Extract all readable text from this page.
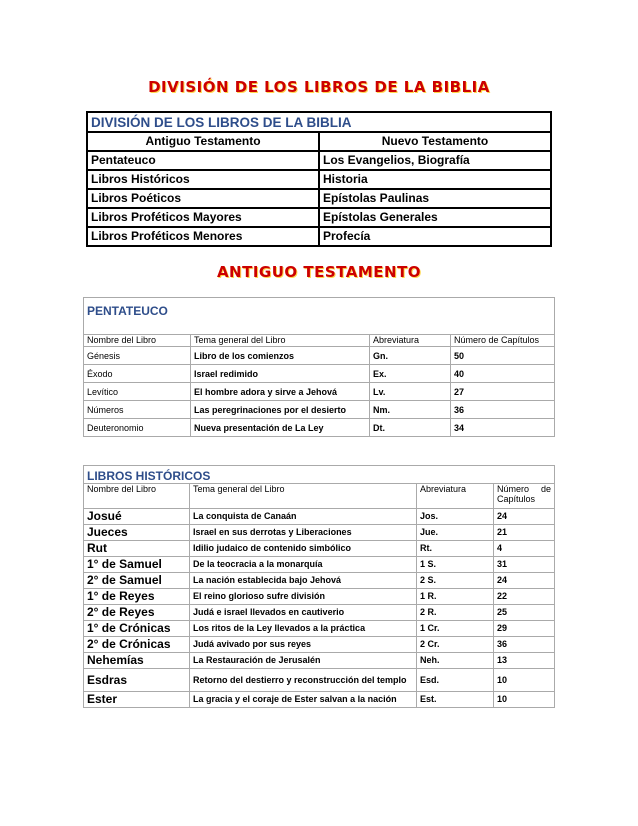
DIVISIÓN DE LOS LIBROS DE LA BIBLIA
DIVISIÓN DE LOS LIBROS DE LA BIBLIA	
Antiguo Testamento	Nuevo Testamento
Pentateuco	Los Evangelios, Biografía
Libros Históricos	Historia
Libros Poéticos	Epístolas Paulinas
Libros Proféticos Mayores	Epístolas Generales
Libros Proféticos Menores	Profecía
ANTIGUO TESTAMENTO
PENTATEUCO			
Nombre del Libro	Tema general del Libro	Abreviatura	Número de Capítulos
Génesis	Libro de los comienzos	Gn.	50
Éxodo	Israel redimido	Ex.	40
Levítico	El hombre adora y sirve a Jehová	Lv.	27
Números	Las peregrinaciones por el desierto	Nm.	36
Deuteronomio	Nueva presentación de La Ley	Dt.	34
LIBROS HISTÓRICOS			
Nombre del Libro	Tema general del Libro	Abreviatura	Número de Capítulos
Josué	La conquista de Canaán	Jos.	24
Jueces	Israel en sus derrotas y Liberaciones	Jue.	21
Rut	Idilio judaico de contenido simbólico	Rt.	4
1° de Samuel	De la teocracia a la monarquía	1 S.	31
2° de Samuel	La nación establecida bajo Jehová	2 S.	24
1° de Reyes	El reino glorioso sufre división	1 R.	22
2° de Reyes	Judá e israel llevados en cautiverio	2 R.	25
1° de Crónicas	Los ritos de la Ley llevados a la práctica	1 Cr.	29
2° de Crónicas	Judá avivado por sus reyes	2 Cr.	36
Nehemías	La Restauración de Jerusalén	Neh.	13
Esdras	Retorno del destierro y reconstrucción del templo	Esd.	10
Ester	La gracia y el coraje de Ester salvan a la nación	Est.	10
